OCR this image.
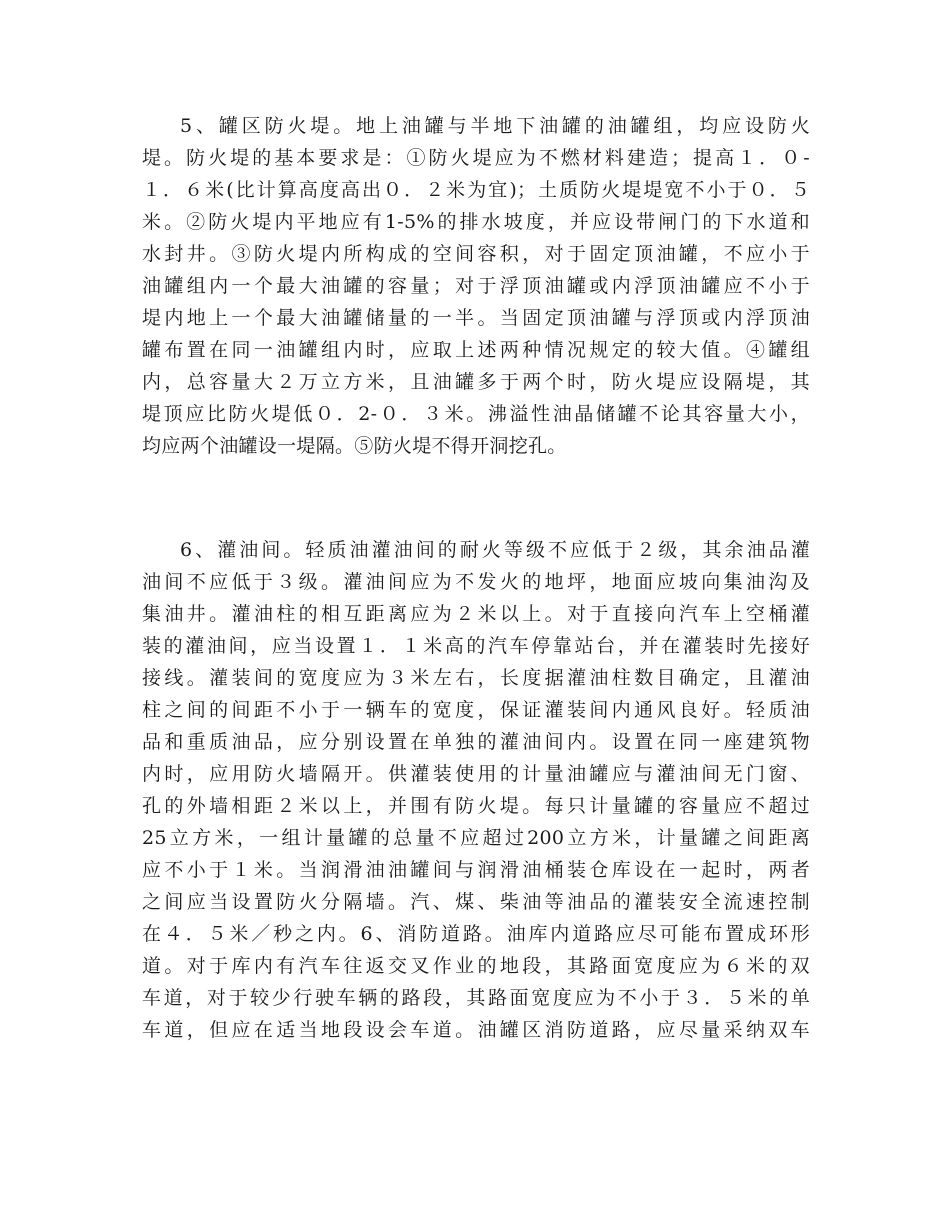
5、罐区防火堤。地上油罐与半地下油罐的油罐组，均应设防火
堤。防火堤的基本要求是：①防火堤应为不燃材料建造；提高１．０-
１．６米(比计算高度高出０．２米为宜)；土质防火堤堤宽不小于０．５
米。②防火堤内平地应有1-5%的排水坡度，并应设带闸门的下水道和
水封井。③防火堤内所构成的空间容积，对于固定顶油罐，不应小于
油罐组内一个最大油罐的容量；对于浮顶油罐或内浮顶油罐应不小于
堤内地上一个最大油罐储量的一半。当固定顶油罐与浮顶或内浮顶油
罐布置在同一油罐组内时，应取上述两种情况规定的较大值。④罐组
内，总容量大２万立方米，且油罐多于两个时，防火堤应设隔堤，其
堤顶应比防火堤低０．2-０．３米。沸溢性油晶储罐不论其容量大小，
均应两个油罐设一堤隔。⑤防火堤不得开洞挖孔。
6、灌油间。轻质油灌油间的耐火等级不应低于２级，其余油品灌
油间不应低于３级。灌油间应为不发火的地坪，地面应坡向集油沟及
集油井。灌油柱的相互距离应为２米以上。对于直接向汽车上空桶灌
装的灌油间，应当设置１．１米高的汽车停靠站台，并在灌装时先接好
接线。灌装间的宽度应为３米左右，长度据灌油柱数目确定，且灌油
柱之间的间距不小于一辆车的宽度，保证灌装间内通风良好。轻质油
品和重质油品，应分别设置在单独的灌油间内。设置在同一座建筑物
内时，应用防火墙隔开。供灌装使用的计量油罐应与灌油间无门窗、
孔的外墙相距２米以上，并围有防火堤。每只计量罐的容量应不超过
25立方米，一组计量罐的总量不应超过200立方米，计量罐之间距离
应不小于１米。当润滑油油罐间与润滑油桶装仓库设在一起时，两者
之间应当设置防火分隔墙。汽、煤、柴油等油品的灌装安全流速控制
在４．５米／秒之内。6、消防道路。油库内道路应尽可能布置成环形
道。对于库内有汽车往返交叉作业的地段，其路面宽度应为６米的双
车道，对于较少行驶车辆的路段，其路面宽度应为不小于３．５米的单
车道，但应在适当地段设会车道。油罐区消防道路，应尽量采纳双车
